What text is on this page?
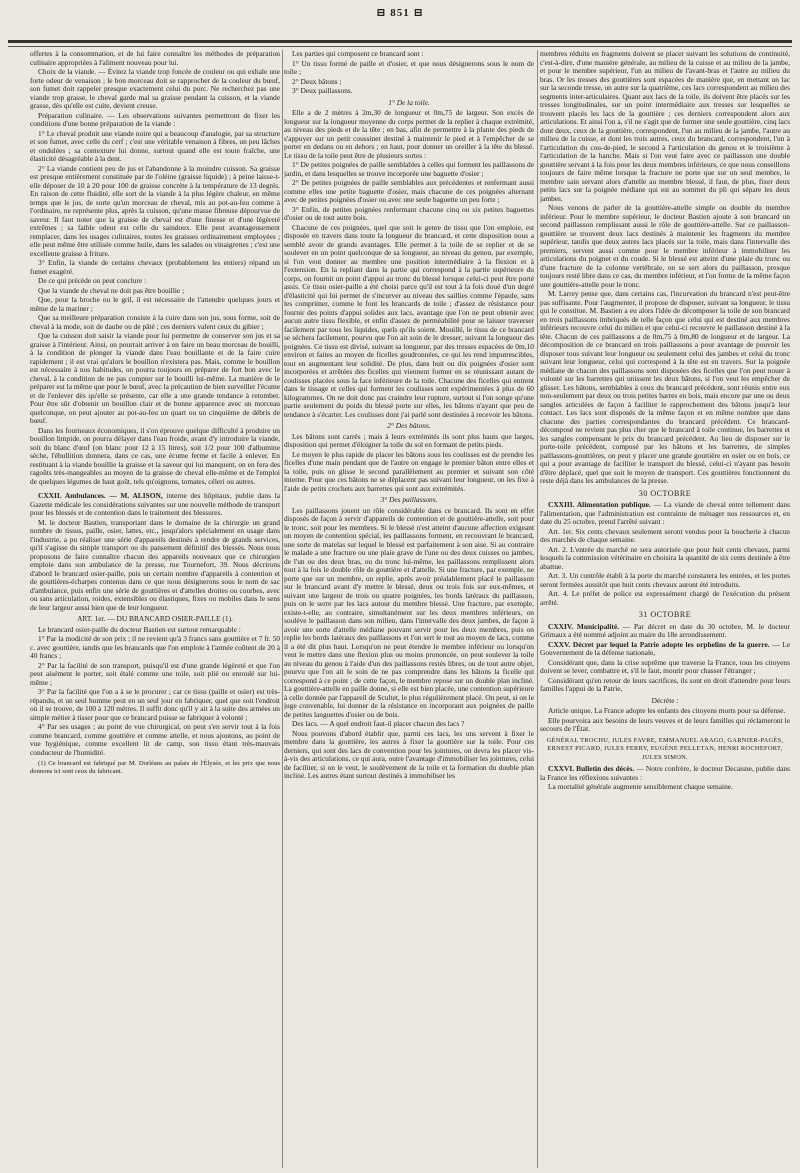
⊟ 851 ⊟

offertes à la consommation, et de lui faire connaître les méthodes de préparation culinaire appropriées à l'aliment nouveau pour lui.

Choix de la viande. — Évitez la viande trop foncée de couleur ou qui exhale une forte odeur de venaison ; le bon morceau doit se rapprocher de la couleur du bœuf, son fumet doit rappeler presque exactement celui du porc. Ne recherchez pas une viande trop grasse, le cheval garde mal sa graisse pendant la cuisson, et la viande grasse, dès qu'elle est cuite, devient creuse.

Préparation culinaire. — Les observations suivantes permettront de fixer les conditions d'une bonne préparation de la viande :

1° Le cheval produit une viande noire qui a beaucoup d'analogie, par sa structure et son fumet, avec celle du cerf ; c'est une véritable venaison à fibres, un peu lâches et ondulées ; sa contexture lui donne, surtout quand elle est toute fraîche, une élasticité désagréable à la dent.

2° La viande contient peu de jus et l'abandonne à la moindre cuisson. Sa graisse est presque entièrement constituée par de l'oléine (graisse liquide) ; à peine laisse-t-elle déposer de 10 à 20 pour 100 de graisse concrète à la température de 13 degrés. En raison de cette fluidité, elle sort de la viande à la plus légère chaleur, en même temps que le jus, de sorte qu'un morceau de cheval, mis au pot-au-feu comme à l'ordinaire, ne représente plus, après la cuisson, qu'une masse fibreuse dépourvue de saveur. Il faut noter que la graisse de cheval est d'une finesse et d'une légèreté extrêmes ; sa faible odeur est celle du saindoux. Elle peut avantageusement remplacer, dans les usages culinaires, toutes les graisses ordinairement employées ; elle peut même être utilisée comme huile, dans les salades ou vinaigrettes ; c'est une excellente graisse à friture.

3° Enfin, la viande de certains chevaux (probablement les entiers) répand un fumet exagéré.

De ce qui précède on peut conclure :

Que la viande de cheval ne doit pas être bouillie ;

Que, pour la broche ou le gril, il est nécessaire de l'attendre quelques jours et même de la mariner ;

Que sa meilleure préparation consiste à la cuire dans son jus, sous forme, soit de cheval à la mode, soit de daube ou de pâté ; ces derniers valent ceux du gibier ;

Que la cuisson doit saisir la viande pour lui permettre de conserver son jus et sa graisse à l'intérieur. Ainsi, on pourrait arriver à en faire un beau morceau de bouilli, à la condition de plonger la viande dans l'eau bouillante et de la faire cuire rapidement ; il est vrai qu'alors le bouillon n'existera pas. Mais, comme le bouillon est nécessaire à nos habitudes, on pourra toujours en préparer de fort bon avec le cheval, à la condition de ne pas compter sur le bouilli lui-même. La manière de le préparer est la même que pour le bœuf, avec la précaution de bien surveiller l'écume et de l'enlever dès qu'elle se présente, car elle a une grande tendance à retomber. Pour être sûr d'obtenir un bouillon clair et de bonne apparence avec un morceau quelconque, on peut ajouter au pot-au-feu un quart ou un cinquième de débris de bœuf.

Dans les fourneaux économiques, il s'on éprouve quelque difficulté à produire un bouillon limpide, on pourra délayer dans l'eau froide, avant d'y introduire la viande, soit du blanc d'œuf (on blanc pour 12 à 15 litres), soit 1/2 pour 100 d'albumine sèche, l'ébullition donnera, dans ce cas, une écume ferme et facile à enlever. En restituant à la viande bouillie la graisse et la saveur qui lui manquent, on en fera des ragoûts très-mangeables au moyen de la graisse de cheval elle-même et de l'emploi de quelques légumes de haut goût, tels qu'oignons, tomates, céleri ou autres.

CXXII. Ambulances. — M. ALISON, interne des hôpitaux, publie dans la Gazette médicale les considérations suivantes sur une nouvelle méthode de transport pour les blessés et de contention dans le traitement des blessures.

M. le docteur Bastien, transportant dans le domaine de la chirurgie un grand nombre de tissus, paille, osier, lattes, etc., jusqu'alors spécialement en usage dans l'industrie, a pu réaliser une série d'appareils destinés à rendre de grands services, qu'il s'agisse du simple transport ou du pansement définitif des blessés. Nous nous proposons de faire connaître chacun des appareils nouveaux que ce chirurgien emploie dans son ambulance de la presse, rue Tournefort, 39. Nous décrirons d'abord le brancard osier-paille, puis un certain nombre d'appareils à contention et de gouttières-écharpes contenus dans ce que nous désignerons sous le nom de sac d'ambulance, puis enfin une série de gouttières et d'attelles droites ou courbes, avec ou sans articulation, roides, extensibles ou élastiques, fixes ou mobiles dans le sens de leur largeur aussi bien que de leur longueur.

ART. 1er. — DU BRANCARD OSIER-PAILLE (1).

Le brancard osier-paille du docteur Bastien est surtout remarquable :

1° Par la modicité de son prix ; il ne revient qu'à 3 francs sans gouttière et 7 fr. 50 c. avec gouttière, tandis que les brancards que l'on emploie à l'armée coûtent de 20 à 40 francs ;

2° Par la facilité de son transport, puisqu'il est d'une grande légèreté et que l'on peut aisément le porter, soit étalé comme une toile, soit plié ou enroulé sur lui-même ;

3° Par la facilité que l'on a à se le procurer ; car ce tissu (paille et osier) est très-répandu, et un seul homme peut en un seul jour en fabriquer, quel que soit l'endroit où il se trouve, de 100 à 120 mètres. Il suffit donc qu'il y ait à la suite des armées un simple métier à tisser pour que ce brancard puisse se fabriquer à volonté ;

4° Par ses usages ; au point de vue chirurgical, on peut s'en servir tout à la fois comme brancard, comme gouttière et comme attelle, et nous ajoutons, au point de vue hygiénique, comme excellent lit de camp, son tissu étant très-mauvais conducteur de l'humidité.

(1) Ce brancard est fabriqué par M. Dorléans au palais de l'Élysée, et les prix que nous donnons ici sont ceux du fabricant.

Les parties qui composent ce brancard sont :

1° Un tissu formé de paille et d'osier, et que nous désignerons sous le nom de toile ;

2° Deux bâtons ;

3° Deux paillassons.

1° De la toile.

Elle a de 2 mètres à 2m,30 de longueur et 0m,75 de largeur. Son excès de longueur sur la longueur moyenne du corps permet de la replier à chaque extrémité, au niveau des pieds et de la tête ; en bas, afin de permettre à la plante des pieds de s'appuyer sur un petit coussinet destiné à maintenir le pied et à l'empêcher de se porter en dedans ou en dehors ; en haut, pour donner un oreiller à la tête du blessé. Le tissu de la toile peut être de plusieurs sortes :

1° De petites poignées de paille semblables à celles qui forment les paillassons de jardin, et dans lesquelles se trouve incorporée une baguette d'osier ;

2° De petites poignées de paille semblables aux précédentes et renfermant aussi comme elles une petite baguette d'osier, mais chacune de ces poignées alternant avec de petites poignées d'osier ou avec une seule baguette un peu forte ;

3° Enfin, de petites poignées renfermant chacune cinq ou six petites baguettes d'osier ou de tout autre bois.

Chacune de ces poignées, quel que soit le genre de tissu que l'on emploie, est disposée en travers dans toute la longueur du brancard, et cette disposition nous a semblé avoir de grands avantages. Elle permet à la toile de se replier et de se soulever en un point quelconque de sa longueur, au niveau du genou, par exemple, si l'on veut donner au membre une position intermédiaire à la flexion et à l'extension. En la repliant dans la partie qui correspond à la partie supérieure du corps, on fournit un point d'appui au tronc du blessé lorsque celui-ci peut être porté assis. Ce tissu osier-paille a été choisi parce qu'il est tout à la fois doué d'un degré d'élasticité qui lui permet de s'incurver au niveau des saillies comme l'épaule, sans les comprimer, comme le font les brancards de toile ; d'assez de résistance pour fournir des points d'appui solides aux lacs, avantage que l'on ne peut obtenir avec aucun autre tissu flexible, et enfin d'assez de perméabilité pour se laisser traverser facilement par tous les liquides, quels qu'ils soient. Mouillé, le tissu de ce brancard se séchera facilement, pourvu que l'on ait soin de le dresser, suivant la longueur des poignées. Ce tissu est divisé, suivant sa longueur, par des tresses espacées de 0m,10 environ et faites au moyen de ficelles goudronnées, ce qui les rend imputrescibles, tout en augmentant leur solidité. De plus, dans huit ou dix poignées d'osier sont incorporées et arrêtées des ficelles qui viennent former en se réunissant autant de coulisses placées sous la face inférieure de la toile. Chacune des ficelles qui entrent dans le tissage et celles qui forment les coulisses sont expérimentées à plus de 60 kilogrammes. On ne doit donc pas craindre leur rupture, surtout si l'on songe qu'une partie seulement du poids du blessé porte sur elles, les bâtons n'ayant que peu de tendance à s'écarter. Les coulisses dont j'ai parlé sont destinées à recevoir les bâtons.

2° Des bâtons.

Les bâtons sont carrés ; mais à leurs extrémités ils sont plus hauts que larges, disposition qui permet d'éloigner la toile du sol en formant de petits pieds.

Le moyen le plus rapide de placer les bâtons sous les coulisses est de prendre les ficelles d'une main pendant que de l'autre on engage le premier bâton entre elles et la toile, puis on glisse le second parallèlement au premier et suivant son côté interne. Pour que ces bâtons ne se déplacent pas suivant leur longueur, on les fixe à l'aide de petits crochets aux barrettes qui sont aux extrémités.

3° Des paillassons.

Les paillassons jouent un rôle considérable dans ce brancard. Ils sont en effet disposés de façon à servir d'appareils de contention et de gouttière-attelle, soit pour le tronc, soit pour les membres. Si le blessé n'est atteint d'aucune affection exigeant un moyen de contention spécial, les paillassons forment, en recouvrant le brancard, une sorte de matelas sur lequel le blessé est parfaitement à son aise. Si au contraire le malade a une fracture ou une plaie grave de l'une ou des deux cuisses ou jambes, de l'un ou des deux bras, ou du tronc lui-même, les paillassons remplissent alors tout à la fois le double rôle de gouttière et d'attelle. Si une fracture, par exemple, ne porte que sur un membre, on replie, après avoir préalablement placé le paillasson sur le brancard avant d'y mettre le blessé, deux ou trois fois sur eux-mêmes, et suivant une largeur de trois ou quatre poignées, les bords latéraux du paillasson, puis on le serre par les lacs autour du membre blessé. Une fracture, par exemple, existe-t-elle, au contraire, simultanément sur les deux membres inférieurs, on soulève le paillasson dans son milieu, dans l'intervalle des deux jambes, de façon à avoir une sorte d'attelle médiane pouvant servir pour les deux membres, puis on replie les bords latéraux des paillassons et l'on sert le tout au moyen de lacs, comme il a été dit plus haut. Lorsqu'on ne peut étendre le membre inférieur ou lorsqu'on veut le mettre dans une flexion plus ou moins prononcée, on peut soulever la toile au niveau du genou à l'aide d'un des paillassons restés libres, ou de tout autre objet, pourvu que l'on ait le soin de ne pas comprendre dans les bâtons la ficelle qui correspond à ce point ; de cette façon, le membre repose sur un double plan incliné. La gouttière-attelle en paille donne, si elle est bien placée, une contention supérieure à celle donnée par l'appareil de Scultet, le plus régulièrement placé. On peut, si on le juge convenable, lui donner de la résistance en incorporant aux poignées de paille de petites languettes d'osier ou de bois.

Des lacs. — A quel endroit faut-il placer chacun des lacs ?

Nous pouvons d'abord établir que, parmi ces lacs, les uns servent à fixer le membre dans la gouttière, les autres à fixer la gouttière sur la toile. Pour ces derniers, qui sont des lacs de convention pour les jointures, on devra les placer vis-à-vis des articulations, ce qui aura, outre l'avantage d'immobiliser les jointures, celui de faciliter, si on le veut, le soulèvement de la toile et la formation du double plan incliné. Les autres étant surtout destinés à immobiliser les

membres réduits en fragments doivent se placer suivant les solutions de continuité, c'est-à-dire, d'une manière générale, au milieu de la cuisse et au milieu de la jambe, et pour le membre supérieur, l'un au milieu de l'avant-bras et l'autre au milieu du bras. Or les tresses des gouttières sont espacées de manière que, en mettant un lac sur la seconde tresse, un autre sur la quatrième, ces lacs correspondent au milieu des segments inter-articulaires. Quant aux lacs de la toile, ils doivent être placés sur les tresses longitudinales, sur un point intermédiaire aux tresses sur lesquelles se trouvent placés les lacs de la gouttière ; ces derniers correspondent alors aux articulations. Et ainsi l'on a, s'il ne s'agit que de former une seule gouttière, cinq lacs dont deux, ceux de la gouttière, correspondent, l'un au milieu de la jambe, l'autre au milieu de la cuisse, et dont les trois autres, ceux du brancard, correspondent, l'un à l'articulation du cou-de-pied, le second à l'articulation du genou et le troisième à l'articulation de la hanche. Mais si l'on veut faire avec ce paillasson une double gouttière servant à la fois pour les deux membres inférieurs, ce que nous conseillons toujours de faire même lorsque la fracture ne porte que sur un seul membre, le membre sain servant alors d'attelle au membre blessé, il faut, de plus, fixer deux petits lacs sur la poignée médiane qui est au sommet du pli qui sépare les deux jambes.

Nous venons de parler de la gouttière-attelle simple ou double du membre inférieur. Pour le membre supérieur, le docteur Bastien ajoute à son brancard un second paillasson remplissant aussi le rôle de gouttière-attelle. Sur ce paillasson-gouttière se trouvent deux lacs destinés à maintenir les fragments du membre supérieur, tandis que deux autres lacs placés sur la toile, mais dans l'intervalle des premiers, servent aussi comme pour le membre inférieur à immobiliser les articulations du poignet et du coude. Si le blessé est atteint d'une plaie du tronc ou d'une fracture de la colonne vertébrale, on se sert alors du paillasson, presque toujours resté libre dans ce cas, du membre inférieur, et l'on forme de la même façon une gouttière-attelle pour le tronc.

M. Larrey pense que, dans certains cas, l'incurvation du brancard n'est peut-être pas suffisante. Pour l'augmenter, il propose de disposer, suivant sa longueur, le tissu qui le constitue. M. Bastien a eu alors l'idée de décomposer la toile de son brancard en trois paillassons imbriqués de telle façon que celui qui est destiné aux membres inférieurs recouvre celui du milieu et que celui-ci recouvre le paillasson destiné à la tête. Chacun de ces paillassons a de 0m,75 à 0m,80 de longueur et de largeur. La décomposition de ce brancard en trois paillassons a pour avantage de pouvoir les disposer tous suivant leur longueur ou seulement celui des jambes et celui du tronc suivant leur longueur, celui qui correspond à la tête est en travers. Sur la poignée médiane de chacun des paillassons sont disposées des ficelles que l'on peut nouer à volonté sur les barrettes qui unissent les deux bâtons, si l'on veut les empêcher de glisser. Les bâtons, semblables à ceux du brancard précédent, sont réunis entre eux non-seulement par deux ou trois petites barres en bois, mais encore par une ou deux sangles articulées de façon à faciliter le rapprochement des bâtons jusqu'à leur contact. Les lacs sont disposés de la même façon et en même nombre que dans chacune des parties correspondantes du brancard précédent. Ce brancard-décomposé ne revient pas plus cher que le brancard à toile continue, les barrettes et les sangles compensant le prix du brancard précédent. Au lieu de disposer sur le porte-toile précédent, composé par les bâtons et les barrettes, de simples paillassons-gouttières, on peut y placer une grande gouttière en osier ou en bois, ce qui a pour avantage de faciliter le transport du blessé, celui-ci n'ayant pas besoin d'être déplacé, quel que soit le moyen de transport. Ces gouttières fonctionnent du reste déjà dans les ambulances de la presse.

30 OCTOBRE

CXXIII. Alimentation publique. — La viande de cheval entre tellement dans l'alimentation, que l'administration est contrainte de ménager nos ressources et, en date du 25 octobre, prend l'arrêté suivant :

Art. 1er. Six cents chevaux seulement seront vendus pour la boucherie à chacun des marchés de chaque semaine.

Art. 2. L'entrée du marché ne sera autorisée que pour huit cents chevaux, parmi lesquels la commission vétérinaire en choisira la quantité de six cents destinée à être abattue.

Art. 3. Un contrôle établi à la porte du marché constatera les entrées, et les portes seront fermées aussitôt que huit cents chevaux auront été introduits.

Art. 4. Le préfet de police est expressément chargé de l'exécution du présent arrêté.

31 OCTOBRE

CXXIV. Municipalité. — Par décret en date du 30 octobre, M. le docteur Grimaux a été nommé adjoint au maire du 18e arrondissement.

CXXV. Décret par lequel la Patrie adopte les orphelins de la guerre. — Le Gouvernement de la défense nationale,

Considérant que, dans la crise suprême que traverse la France, tous les citoyens doivent se lever, combattre et, s'il le faut, mourir pour chasser l'étranger ;

Considérant qu'en retour de leurs sacrifices, ils sont en droit d'attendre pour leurs familles l'appui de la Patrie,

Décrète :

Article unique. La France adopte les enfants des citoyens morts pour sa défense.

Elle pourvoira aux besoins de leurs veuves et de leurs familles qui réclameront le secours de l'État.

GÉNÉRAL TROCHU, JULES FAVRE, EMMANUEL ARAGO, GARNIER-PAGÈS, ERNEST PICARD, JULES FERRY, EUGÈNE PELLETAN, HENRI ROCHEFORT, JULES SIMON.

CXXVI. Bulletin des décès. — Notre confrère, le docteur Decaisne, publie dans la France les réflexions suivantes :

La mortalité générale augmente sensiblement chaque semaine.
